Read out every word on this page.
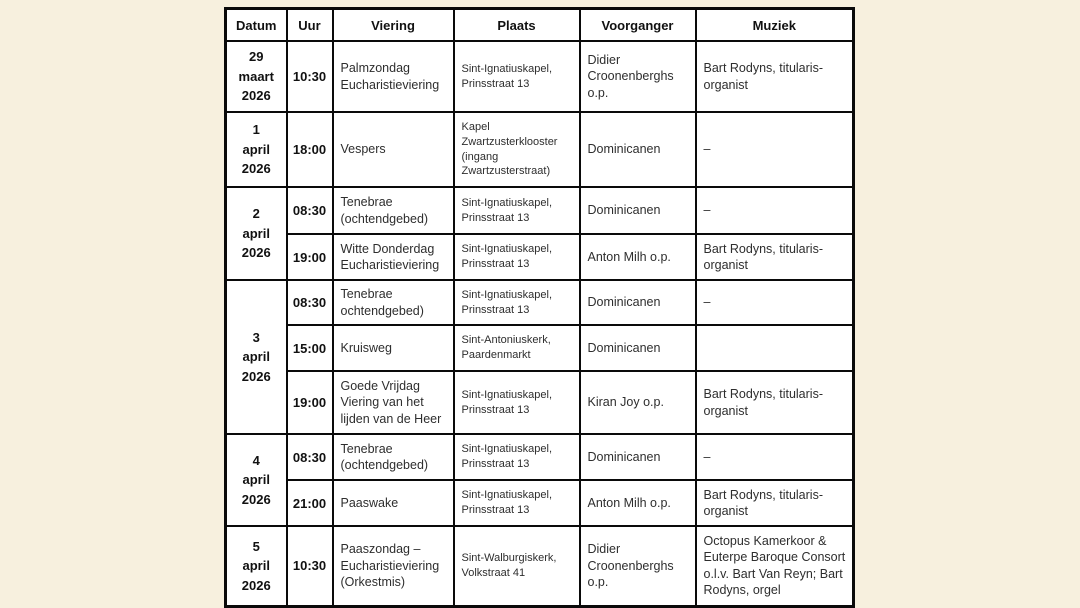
Datum	Uur	Viering	Plaats	Voorganger	Muziek

29
maart
2026	10:30	Palmzondag Eucharistieviering	Sint-Ignatiuskapel, Prinsstraat 13	Didier Croonenberghs o.p.	Bart Rodyns, titularis-organist

1
april
2026	18:00	Vespers	Kapel Zwartzusterklooster (ingang Zwartzusterstraat)	Dominicanen	–

2
april
2026	08:30	Tenebrae (ochtendgebed)	Sint-Ignatiuskapel, Prinsstraat 13	Dominicanen	–
	19:00	Witte Donderdag Eucharistieviering	Sint-Ignatiuskapel, Prinsstraat 13	Anton Milh o.p.	Bart Rodyns, titularis-organist

3
april
2026	08:30	Tenebrae ochtendgebed)	Sint-Ignatiuskapel, Prinsstraat 13	Dominicanen	–
	15:00	Kruisweg	Sint-Antoniuskerk, Paardenmarkt	Dominicanen	
	19:00	Goede Vrijdag Viering van het lijden van de Heer	Sint-Ignatiuskapel, Prinsstraat 13	Kiran Joy o.p.	Bart Rodyns, titularis-organist

4
april
2026	08:30	Tenebrae (ochtendgebed)	Sint-Ignatiuskapel, Prinsstraat 13	Dominicanen	–
	21:00	Paaswake	Sint-Ignatiuskapel, Prinsstraat 13	Anton Milh o.p.	Bart Rodyns, titularis-organist

5
april
2026	10:30	Paaszondag – Eucharistieviering (Orkestmis)	Sint-Walburgiskerk, Volkstraat 41	Didier Croonenberghs o.p.	Octopus Kamerkoor & Euterpe Baroque Consort o.l.v. Bart Van Reyn; Bart Rodyns, orgel
